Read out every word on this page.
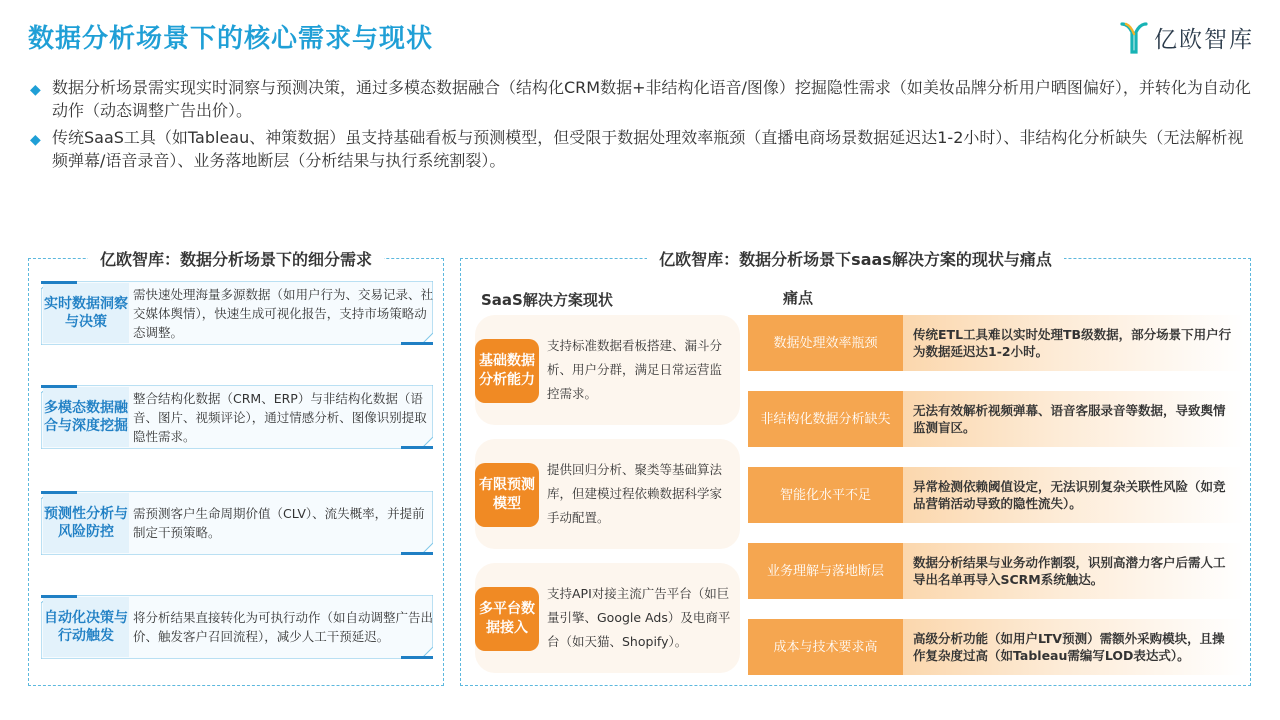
数据分析场景下的核心需求与现状	亿欧智库
◆ 数据分析场景需实现实时洞察与预测决策，通过多模态数据融合（结构化CRM数据+非结构化语音/图像）挖掘隐性需求（如美妆品牌分析用户晒图偏好），并转化为自动化动作（动态调整广告出价）。
◆ 传统SaaS工具（如Tableau、神策数据）虽支持基础看板与预测模型，但受限于数据处理效率瓶颈（直播电商场景数据延迟达1-2小时）、非结构化分析缺失（无法解析视频弹幕/语音录音）、业务落地断层（分析结果与执行系统割裂）。
亿欧智库：数据分析场景下的细分需求
实时数据洞察与决策
需快速处理海量多源数据（如用户行为、交易记录、社交媒体舆情），快速生成可视化报告，支持市场策略动态调整。
多模态数据融合与深度挖掘
整合结构化数据（CRM、ERP）与非结构化数据（语音、图片、视频评论），通过情感分析、图像识别提取隐性需求。
预测性分析与风险防控
需预测客户生命周期价值（CLV）、流失概率，并提前制定干预策略。
自动化决策与行动触发
将分析结果直接转化为可执行动作（如自动调整广告出价、触发客户召回流程），减少人工干预延迟。
亿欧智库：数据分析场景下saas解决方案的现状与痛点
SaaS解决方案现状	痛点
基础数据分析能力
支持标准数据看板搭建、漏斗分析、用户分群，满足日常运营监控需求。
有限预测模型
提供回归分析、聚类等基础算法库，但建模过程依赖数据科学家手动配置。
多平台数据接入
支持API对接主流广告平台（如巨量引擎、Google Ads）及电商平台（如天猫、Shopify）。
数据处理效率瓶颈
传统ETL工具难以实时处理TB级数据，部分场景下用户行为数据延迟达1-2小时。
非结构化数据分析缺失
无法有效解析视频弹幕、语音客服录音等数据，导致舆情监测盲区。
智能化水平不足
异常检测依赖阈值设定，无法识别复杂关联性风险（如竞品营销活动导致的隐性流失）。
业务理解与落地断层
数据分析结果与业务动作割裂，识别高潜力客户后需人工导出名单再导入SCRM系统触达。
成本与技术要求高
高级分析功能（如用户LTV预测）需额外采购模块，且操作复杂度过高（如Tableau需编写LOD表达式）。
